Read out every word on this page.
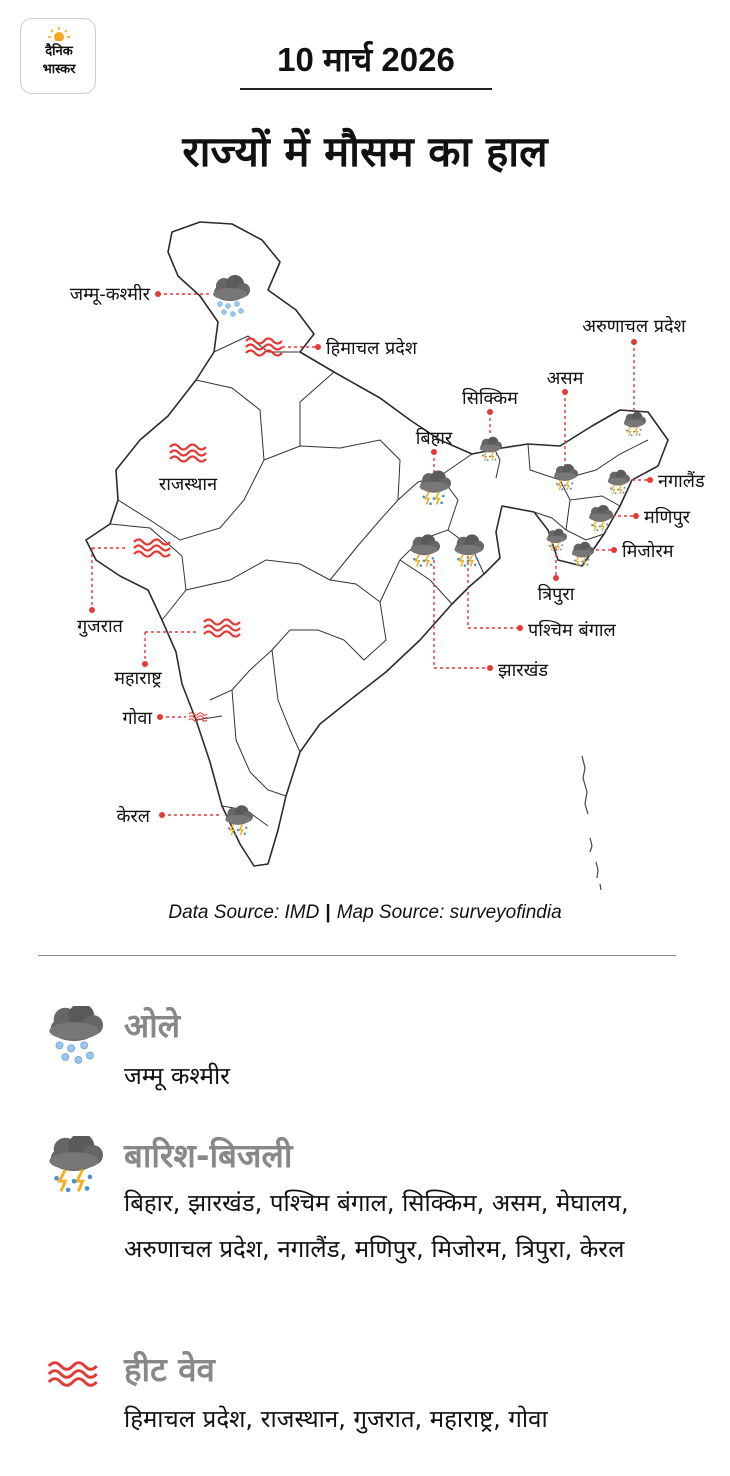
दैनिक
भास्कर	10 मार्च 2026
राज्यों में मौसम का हाल
जम्मू-कश्मीर
हिमाचल प्रदेश
राजस्थान
गुजरात
महाराष्ट्र
गोवा
केरल
बिहार
सिक्किम
असम
अरुणाचल प्रदेश
नगालैंड
मणिपुर
मिजोरम
त्रिपुरा
पश्चिम बंगाल
झारखंड
Data Source: IMD | Map Source: surveyofindia
ओले

जम्मू कश्मीर

बारिश-बिजली

बिहार, झारखंड, पश्चिम बंगाल, सिक्किम, असम, मेघालय, अरुणाचल प्रदेश, नगालैंड, मणिपुर, मिजोरम, त्रिपुरा, केरल

हीट वेव

हिमाचल प्रदेश, राजस्थान, गुजरात, महाराष्ट्र, गोवा
